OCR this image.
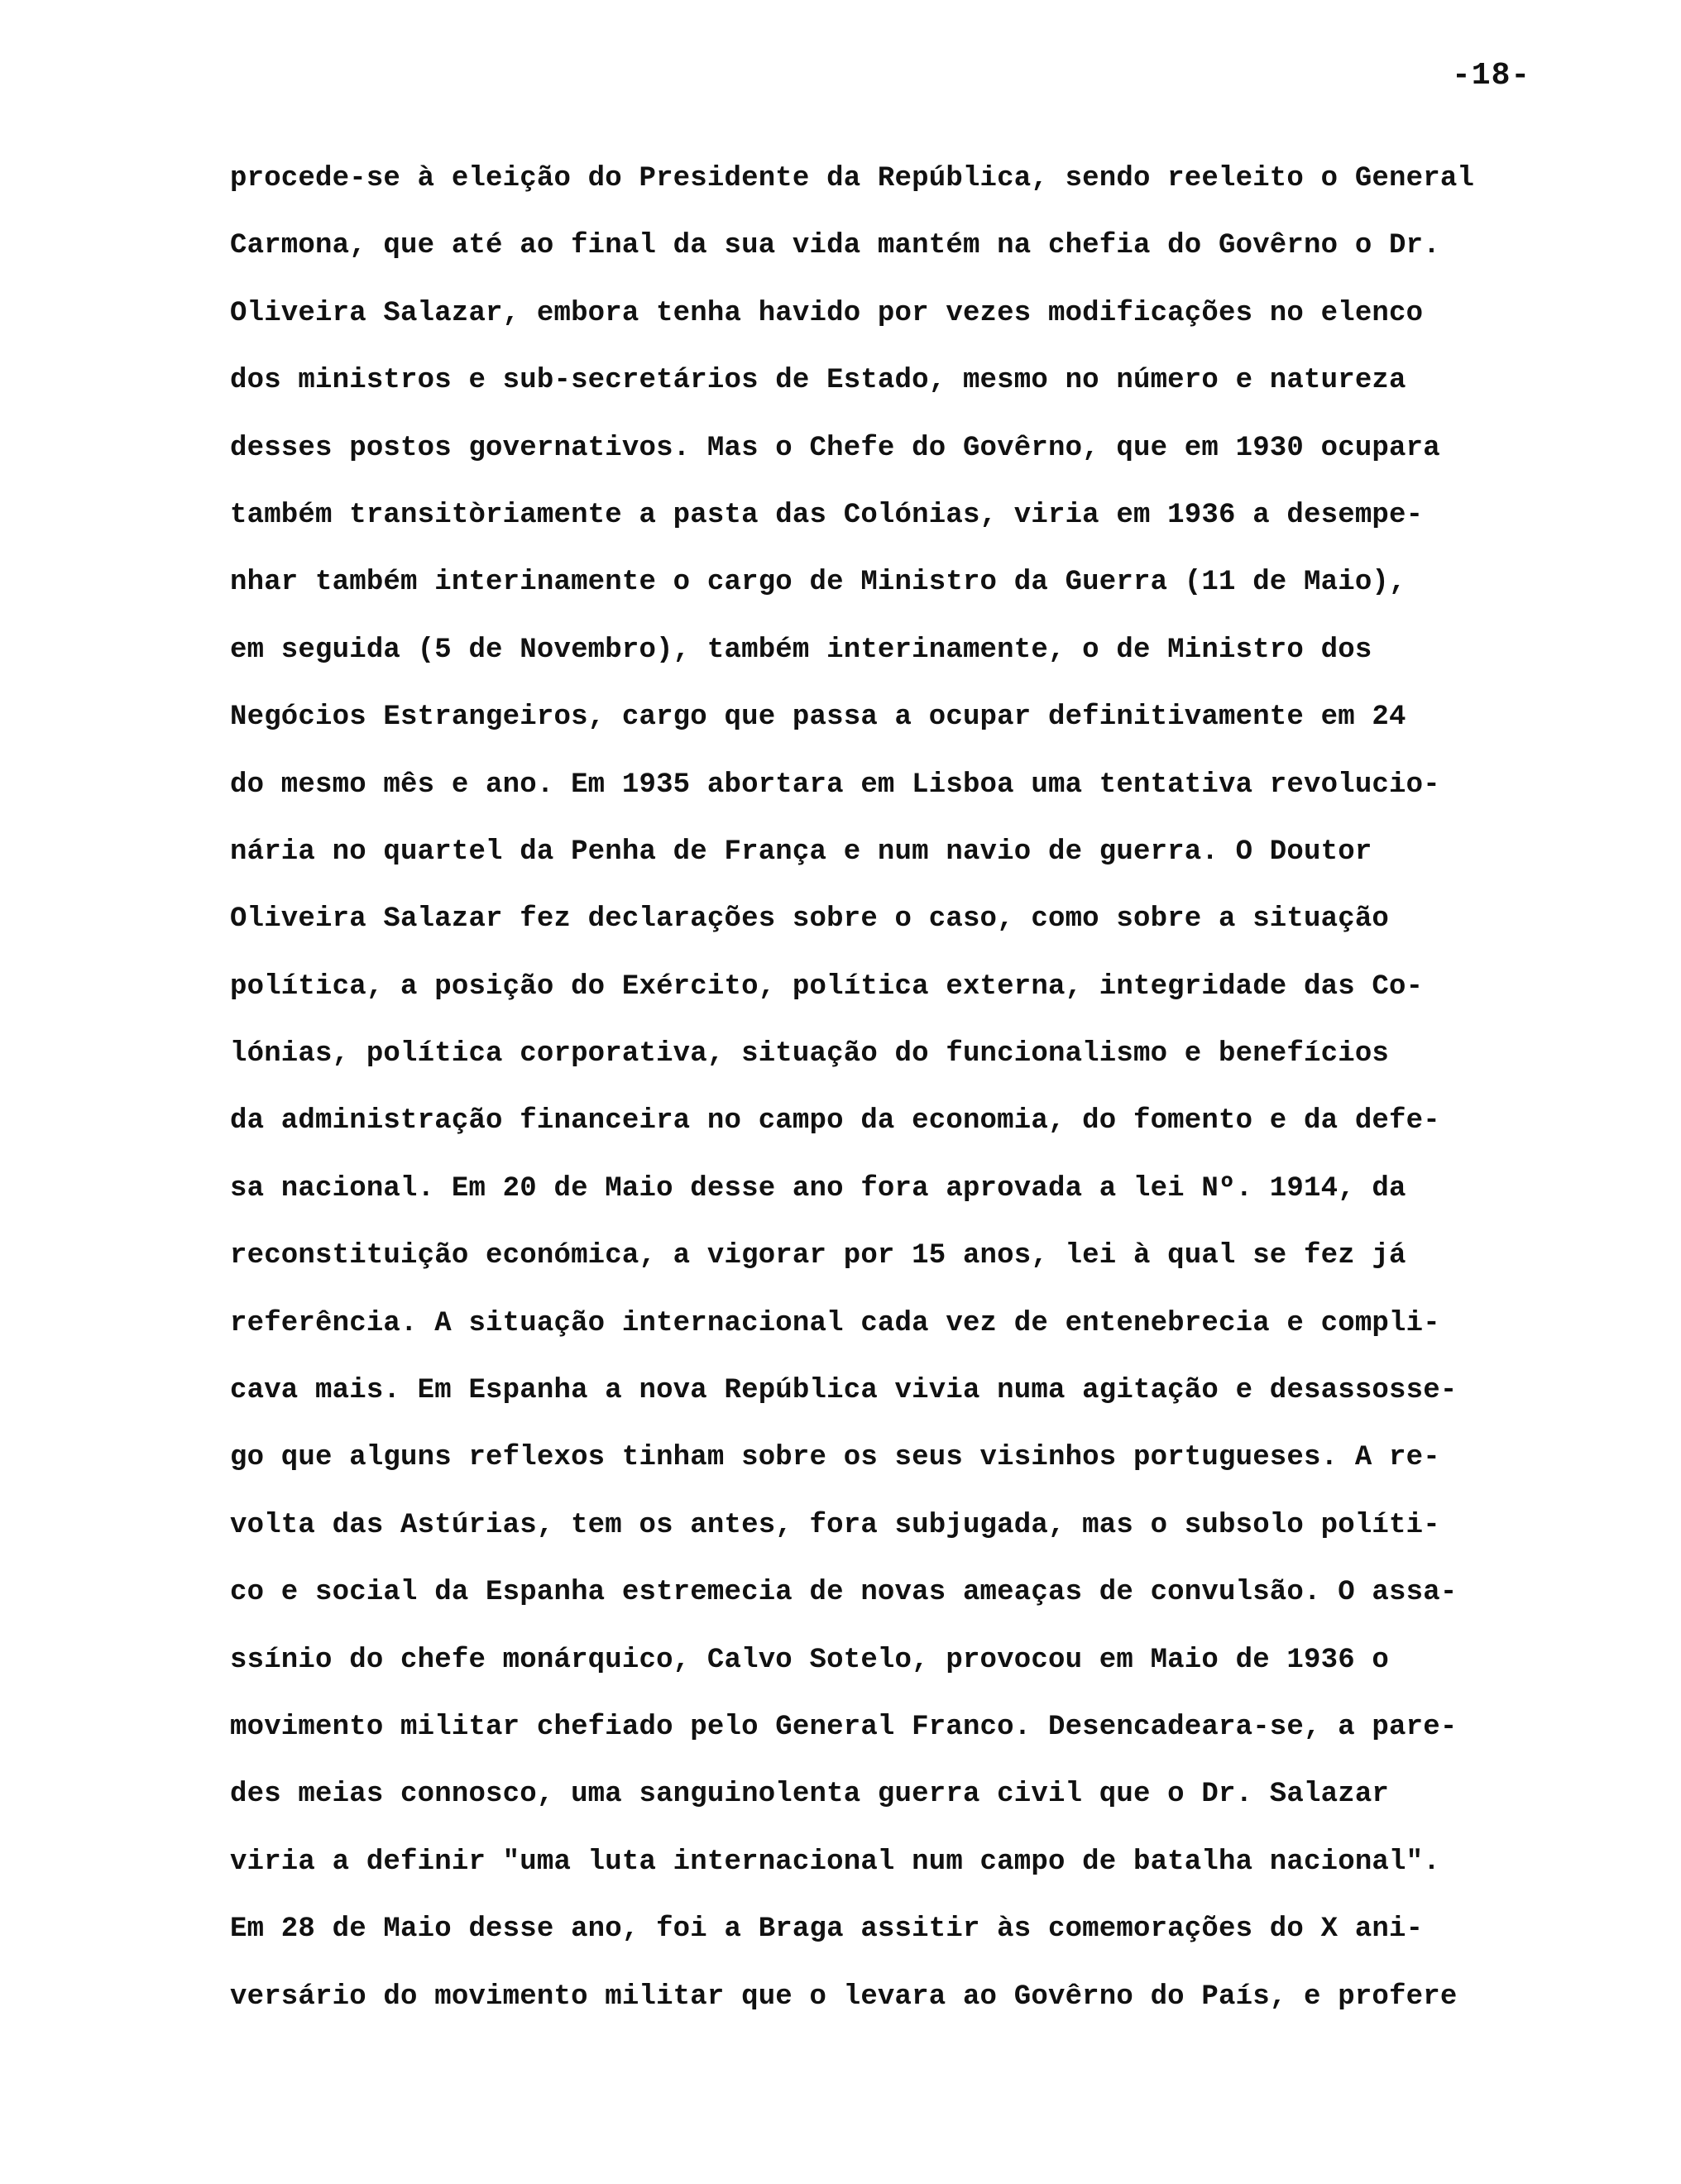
-18-
procede-se à eleição do Presidente da República, sendo reeleito o General
Carmona, que até ao final da sua vida mantém na chefia do Govêrno o Dr.
Oliveira Salazar, embora tenha havido por vezes modificações no elenco
dos ministros e sub-secretários de Estado, mesmo no número e natureza
desses postos governativos. Mas o Chefe do Govêrno, que em 1930 ocupara
também transitòriamente a pasta das Colónias, viria em 1936 a desempe-
nhar também interinamente o cargo de Ministro da Guerra (11 de Maio),
em seguida (5 de Novembro), também interinamente, o de Ministro dos
Negócios Estrangeiros, cargo que passa a ocupar definitivamente em 24
do mesmo mês e ano. Em 1935 abortara em Lisboa uma tentativa revolucio-
nária no quartel da Penha de França e num navio de guerra. O Doutor
Oliveira Salazar fez declarações sobre o caso, como sobre a situação
política, a posição do Exército, política externa, integridade das Co-
lónias, política corporativa, situação do funcionalismo e benefícios
da administração financeira no campo da economia, do fomento e da defe-
sa nacional. Em 20 de Maio desse ano fora aprovada a lei Nº. 1914, da
reconstituição económica, a vigorar por 15 anos, lei à qual se fez já
referência. A situação internacional cada vez de entenebrecia e compli-
cava mais. Em Espanha a nova República vivia numa agitação e desassosse-
go que alguns reflexos tinham sobre os seus visinhos portugueses. A re-
volta das Astúrias, tem os antes, fora subjugada, mas o subsolo políti-
co e social da Espanha estremecia de novas ameaças de convulsão. O assa-
ssínio do chefe monárquico, Calvo Sotelo, provocou em Maio de 1936 o
movimento militar chefiado pelo General Franco. Desencadeara-se, a pare-
des meias connosco, uma sanguinolenta guerra civil que o Dr. Salazar
viria a definir "uma luta internacional num campo de batalha nacional".
Em 28 de Maio desse ano, foi a Braga assitir às comemorações do X ani-
versário do movimento militar que o levara ao Govêrno do País, e profere
